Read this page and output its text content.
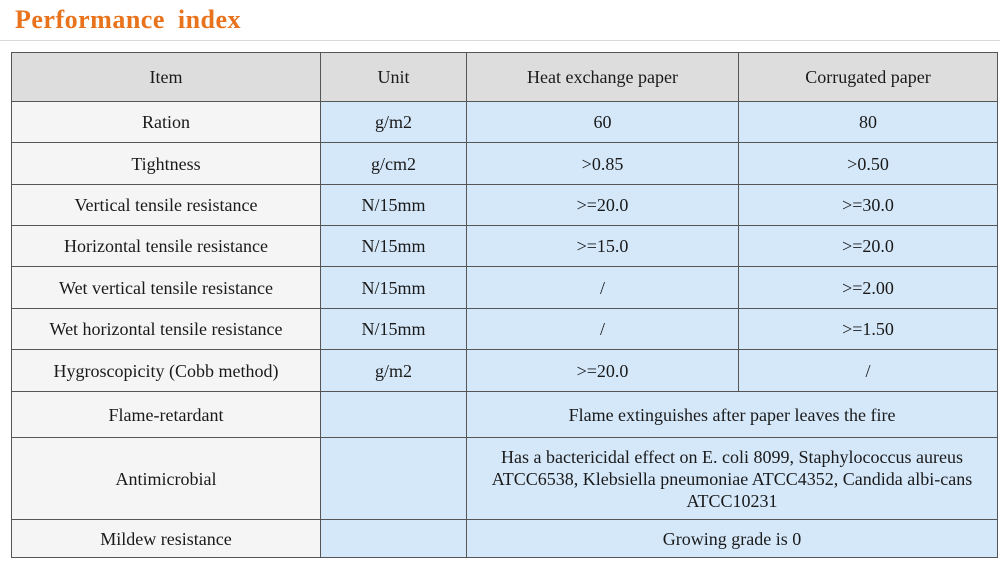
Performance index
Item	Unit	Heat exchange paper	Corrugated paper
Ration	g/m2	60	80
Tightness	g/cm2	>0.85	>0.50
Vertical tensile resistance	N/15mm	>=20.0	>=30.0
Horizontal tensile resistance	N/15mm	>=15.0	>=20.0
Wet vertical tensile resistance	N/15mm	/	>=2.00
Wet horizontal tensile resistance	N/15mm	/	>=1.50
Hygroscopicity (Cobb method)	g/m2	>=20.0	/
Flame-retardant		Flame extinguishes after paper leaves the fire	
Antimicrobial		Has a bactericidal effect on E. coli 8099, Staphylococcus aureus ATCC6538, Klebsiella pneumoniae ATCC4352, Candida albi-cans ATCC10231	
Mildew resistance		Growing grade is 0	
